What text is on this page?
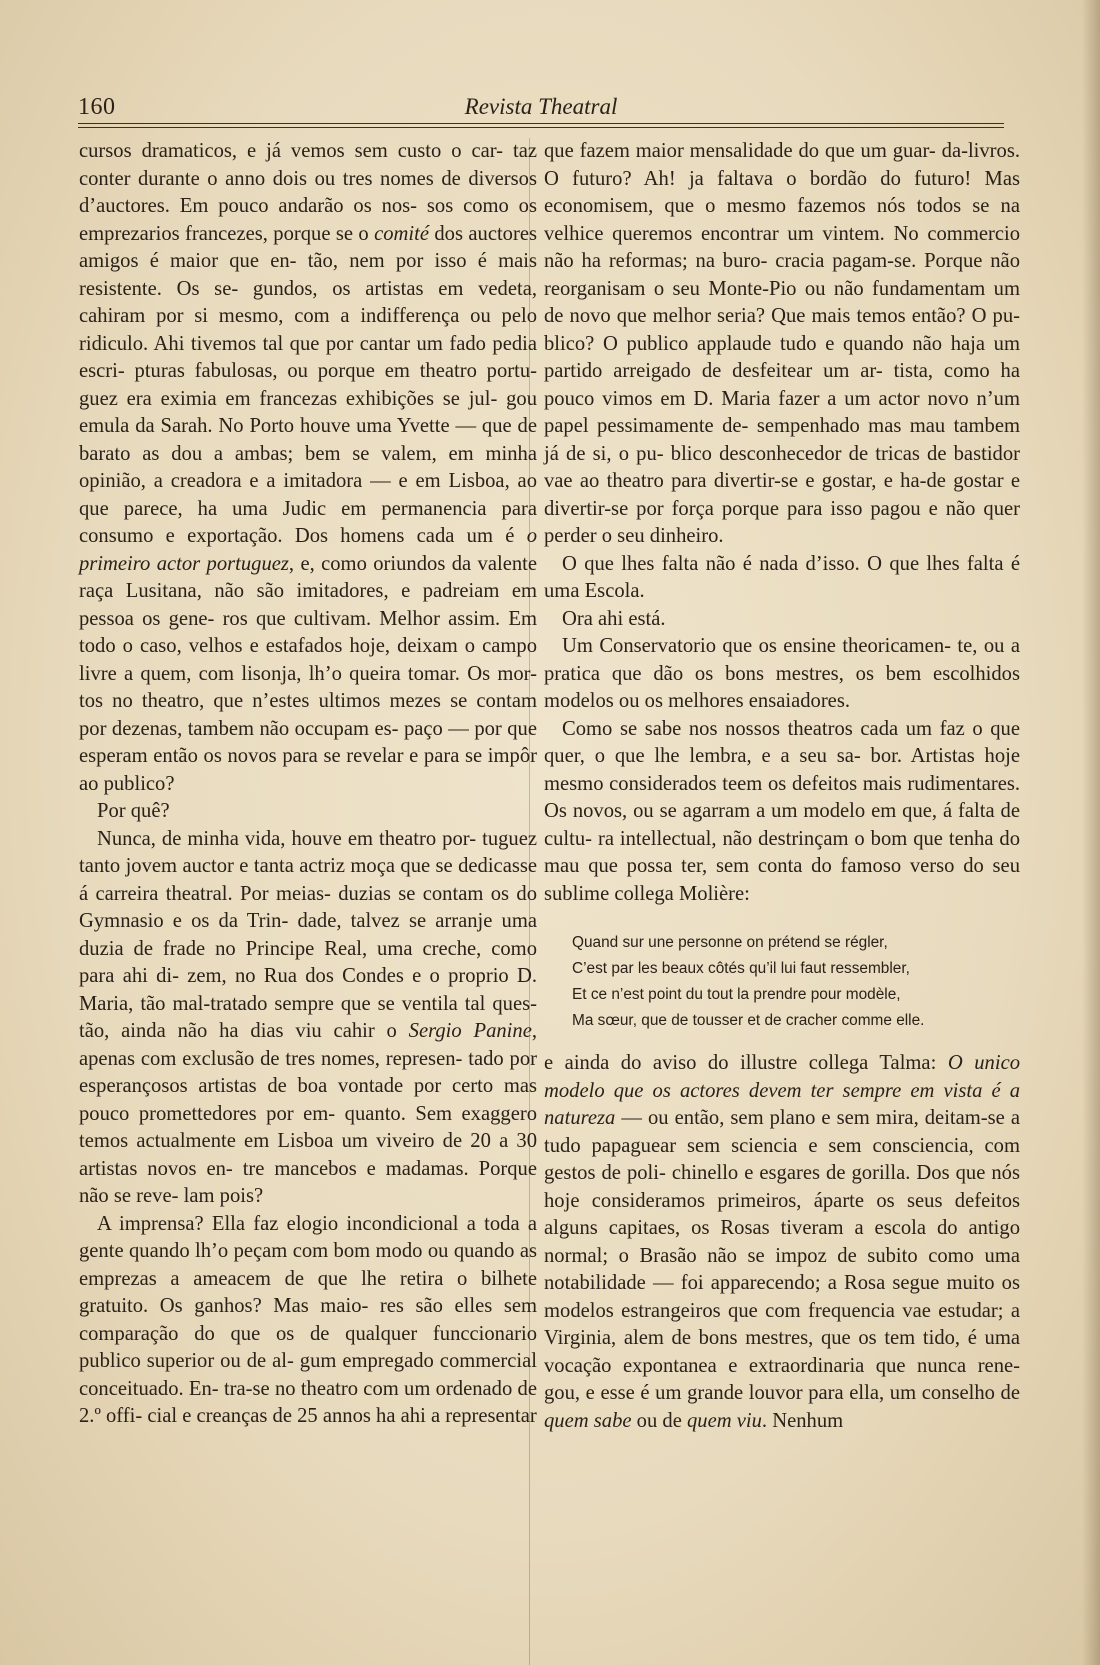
160	Revista Theatral

cursos dramaticos, e já vemos sem custo o car- taz conter durante o anno dois ou tres nomes de diversos d’auctores. Em pouco andarão os nos- sos como os emprezarios francezes, porque se o comité dos auctores amigos é maior que en- tão, nem por isso é mais resistente. Os se- gundos, os artistas em vedeta, cahiram por si mesmo, com a indifferença ou pelo ridiculo. Ahi tivemos tal que por cantar um fado pedia escri- pturas fabulosas, ou porque em theatro portu- guez era eximia em francezas exhibições se jul- gou emula da Sarah. No Porto houve uma Yvette — que de barato as dou a ambas; bem se valem, em minha opinião, a creadora e a imitadora — e em Lisboa, ao que parece, ha uma Judic em permanencia para consumo e exportação. Dos homens cada um é o primeiro actor portuguez, e, como oriundos da valente raça Lusitana, não são imitadores, e padreiam em pessoa os gene- ros que cultivam. Melhor assim. Em todo o caso, velhos e estafados hoje, deixam o campo livre a quem, com lisonja, lh’o queira tomar. Os mor- tos no theatro, que n’estes ultimos mezes se contam por dezenas, tambem não occupam es- paço — por que esperam então os novos para se revelar e para se impôr ao publico?

Por quê?

Nunca, de minha vida, houve em theatro por- tuguez tanto jovem auctor e tanta actriz moça que se dedicasse á carreira theatral. Por meias- duzias se contam os do Gymnasio e os da Trin- dade, talvez se arranje uma duzia de frade no Principe Real, uma creche, como para ahi di- zem, no Rua dos Condes e o proprio D. Maria, tão mal-tratado sempre que se ventila tal ques- tão, ainda não ha dias viu cahir o Sergio Panine, apenas com exclusão de tres nomes, represen- tado por esperançosos artistas de boa vontade por certo mas pouco promettedores por em- quanto. Sem exaggero temos actualmente em Lisboa um viveiro de 20 a 30 artistas novos en- tre mancebos e madamas. Porque não se reve- lam pois?

A imprensa? Ella faz elogio incondicional a toda a gente quando lh’o peçam com bom modo ou quando as emprezas a ameacem de que lhe retira o bilhete gratuito. Os ganhos? Mas maio- res são elles sem comparação do que os de qualquer funccionario publico superior ou de al- gum empregado commercial conceituado. En- tra-se no theatro com um ordenado de 2.º offi- cial e creanças de 25 annos ha ahi a representar

que fazem maior mensalidade do que um guar- da-livros. O futuro? Ah! ja faltava o bordão do futuro! Mas economisem, que o mesmo fazemos nós todos se na velhice queremos encontrar um vintem. No commercio não ha reformas; na buro- cracia pagam-se. Porque não reorganisam o seu Monte-Pio ou não fundamentam um de novo que melhor seria? Que mais temos então? O pu- blico? O publico applaude tudo e quando não haja um partido arreigado de desfeitear um ar- tista, como ha pouco vimos em D. Maria fazer a um actor novo n’um papel pessimamente de- sempenhado mas mau tambem já de si, o pu- blico desconhecedor de tricas de bastidor vae ao theatro para divertir-se e gostar, e ha-de gostar e divertir-se por força porque para isso pagou e não quer perder o seu dinheiro.

O que lhes falta não é nada d’isso. O que lhes falta é uma Escola.

Ora ahi está.

Um Conservatorio que os ensine theoricamen- te, ou a pratica que dão os bons mestres, os bem escolhidos modelos ou os melhores ensaiadores.

Como se sabe nos nossos theatros cada um faz o que quer, o que lhe lembra, e a seu sa- bor. Artistas hoje mesmo considerados teem os defeitos mais rudimentares. Os novos, ou se agarram a um modelo em que, á falta de cultu- ra intellectual, não destrinçam o bom que tenha do mau que possa ter, sem conta do famoso verso do seu sublime collega Molière:

Quand sur une personne on prétend se régler,
C’est par les beaux côtés qu’il lui faut ressembler,
Et ce n’est point du tout la prendre pour modèle,
Ma sœur, que de tousser et de cracher comme elle.

e ainda do aviso do illustre collega Talma: O unico modelo que os actores devem ter sempre em vista é a natureza — ou então, sem plano e sem mira, deitam-se a tudo papaguear sem sciencia e sem consciencia, com gestos de poli- chinello e esgares de gorilla. Dos que nós hoje consideramos primeiros, áparte os seus defeitos alguns capitaes, os Rosas tiveram a escola do antigo normal; o Brasão não se impoz de subito como uma notabilidade — foi apparecendo; a Rosa segue muito os modelos estrangeiros que com frequencia vae estudar; a Virginia, alem de bons mestres, que os tem tido, é uma vocação expontanea e extraordinaria que nunca rene- gou, e esse é um grande louvor para ella, um conselho de quem sabe ou de quem viu. Nenhum
